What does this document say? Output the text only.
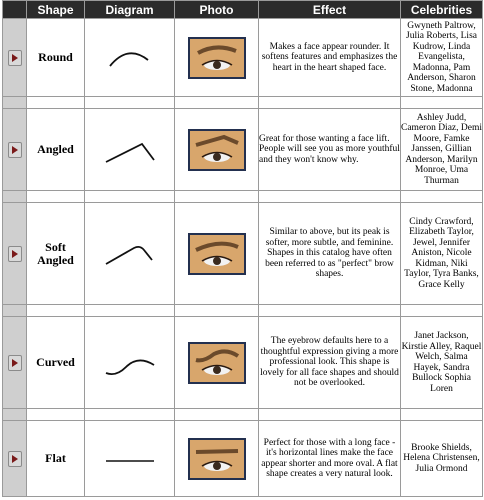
	Shape	Diagram	Photo	Effect	Celebrities

	Round			Makes a face appear rounder. It softens features and emphasizes the heart in the heart shaped face.	Gwyneth Paltrow, Julia Roberts, Lisa Kudrow, Linda Evangelista, Madonna, Pam Anderson, Sharon Stone, Madonna

	Angled			Great for those wanting a face lift. People will see you as more youthful and they won't know why.	Ashley Judd, Cameron Diaz, Demi Moore, Famke Janssen, Gillian Anderson, Marilyn Monroe, Uma Thurman

	Soft Angled			Similar to above, but its peak is softer, more subtle, and feminine. Shapes in this catalog have often been referred to as "perfect" brow shapes.	Cindy Crawford, Elizabeth Taylor, Jewel, Jennifer Aniston, Nicole Kidman, Niki Taylor, Tyra Banks, Grace Kelly

	Curved			The eyebrow defaults here to a thoughtful expression giving a more professional look. This shape is lovely for all face shapes and should not be overlooked.	Janet Jackson, Kirstie Alley, Raquel Welch, Salma Hayek, Sandra Bullock Sophia Loren

	Flat			Perfect for those with a long face - it's horizontal lines make the face appear shorter and more oval. A flat shape creates a very natural look.	Brooke Shields, Helena Christensen, Julia Ormond
